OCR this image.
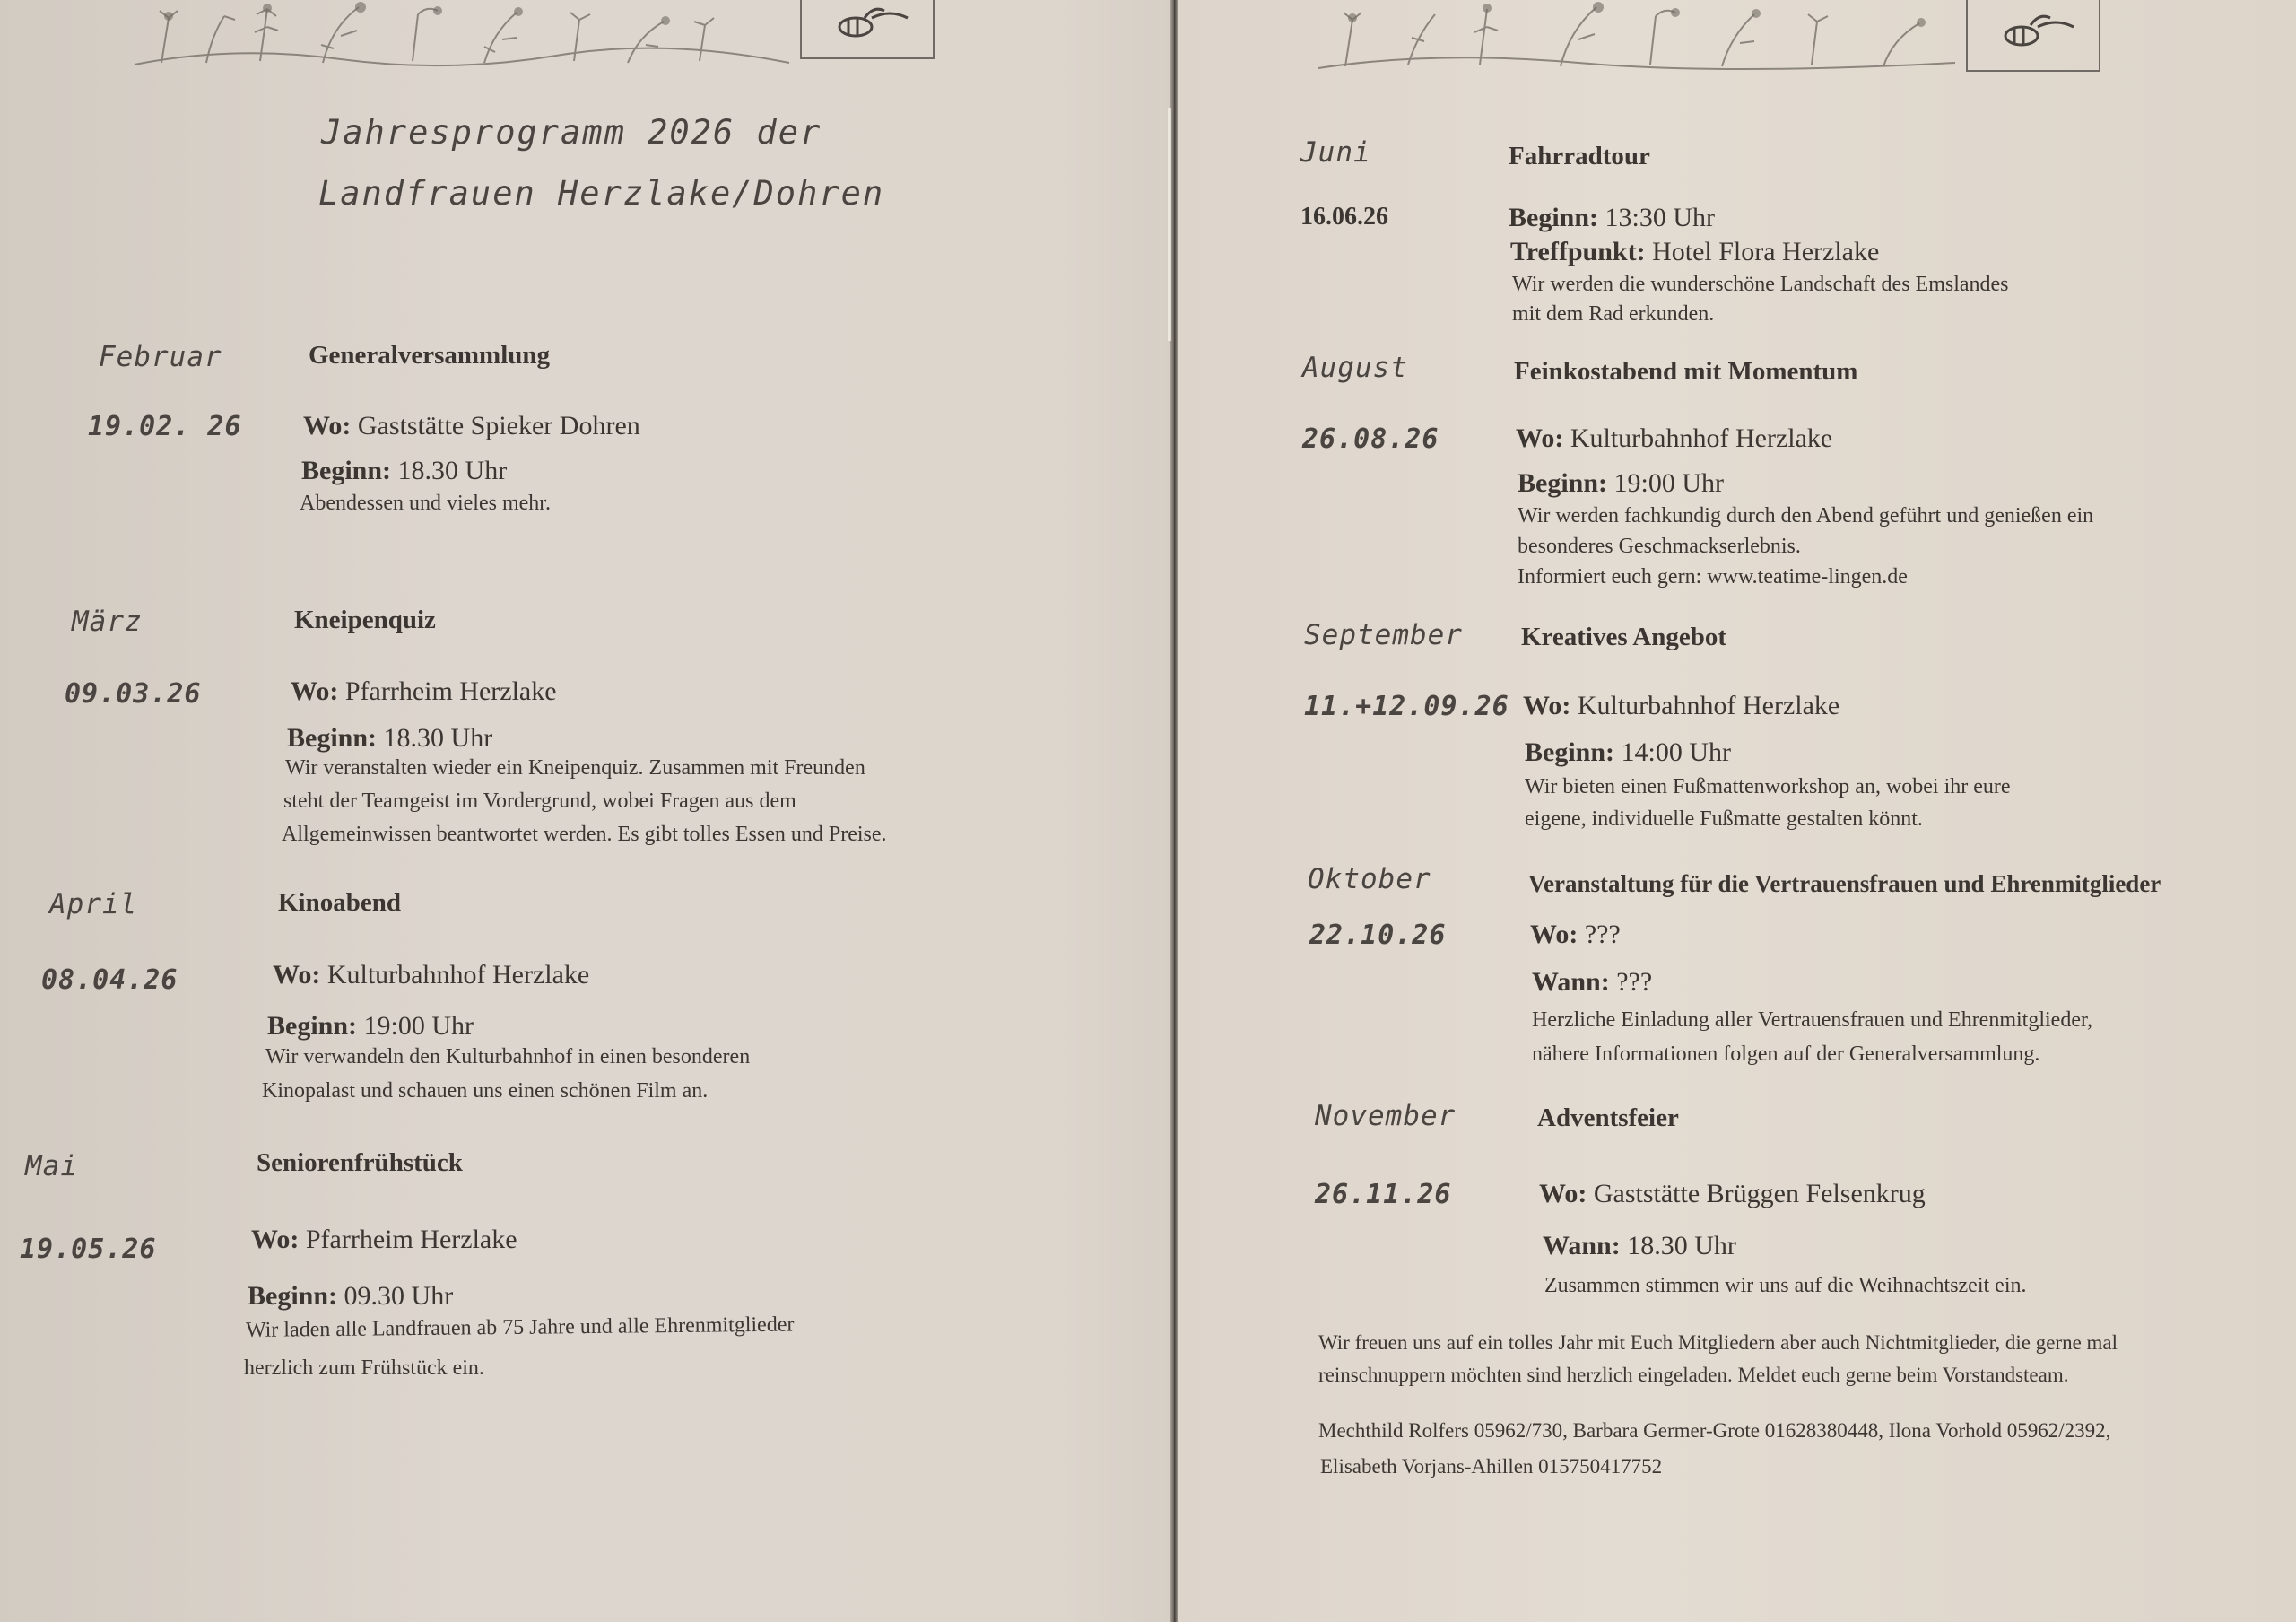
Jahresprogramm 2026 der
Landfrauen Herzlake/Dohren
Februar	Generalversammlung
19.02. 26 Wo: Gaststätte Spieker Dohren
Beginn: 18.30 Uhr
Abendessen und vieles mehr.
März	Kneipenquiz
09.03.26	Wo: Pfarrheim Herzlake
Beginn: 18.30 Uhr
Wir veranstalten wieder ein Kneipenquiz. Zusammen mit Freunden
steht der Teamgeist im Vordergrund, wobei Fragen aus dem
Allgemeinwissen beantwortet werden. Es gibt tolles Essen und Preise.
April	Kinoabend
08.04.26	Wo: Kulturbahnhof Herzlake
Beginn: 19:00 Uhr
Wir verwandeln den Kulturbahnhof in einen besonderen
Kinopalast und schauen uns einen schönen Film an.
Mai	Seniorenfrühstück
19.05.26	Wo: Pfarrheim Herzlake
Beginn: 09.30 Uhr
Wir laden alle Landfrauen ab 75 Jahre und alle Ehrenmitglieder
herzlich zum Frühstück ein.
Juni	Fahrradtour
16.06.26	Beginn: 13:30 Uhr
Treffpunkt: Hotel Flora Herzlake
Wir werden die wunderschöne Landschaft des Emslandes
mit dem Rad erkunden.
August	Feinkostabend mit Momentum
26.08.26	Wo: Kulturbahnhof Herzlake
Beginn: 19:00 Uhr
Wir werden fachkundig durch den Abend geführt und genießen ein
besonderes Geschmackserlebnis.
Informiert euch gern: www.teatime-lingen.de
September Kreatives Angebot
11.+12.09.26 Wo: Kulturbahnhof Herzlake
Beginn: 14:00 Uhr
Wir bieten einen Fußmattenworkshop an, wobei ihr eure
eigene, individuelle Fußmatte gestalten könnt.
Oktober	Veranstaltung für die Vertrauensfrauen und Ehrenmitglieder
22.10.26	Wo: ???
Wann: ???
Herzliche Einladung aller Vertrauensfrauen und Ehrenmitglieder,
nähere Informationen folgen auf der Generalversammlung.
November	Adventsfeier
26.11.26	Wo: Gaststätte Brüggen Felsenkrug
Wann: 18.30 Uhr
Zusammen stimmen wir uns auf die Weihnachtszeit ein.
Wir freuen uns auf ein tolles Jahr mit Euch Mitgliedern aber auch Nichtmitglieder, die gerne mal
reinschnuppern möchten sind herzlich eingeladen. Meldet euch gerne beim Vorstandsteam.
Mechthild Rolfers 05962/730, Barbara Germer-Grote 01628380448, Ilona Vorhold 05962/2392,
Elisabeth Vorjans-Ahillen 015750417752
